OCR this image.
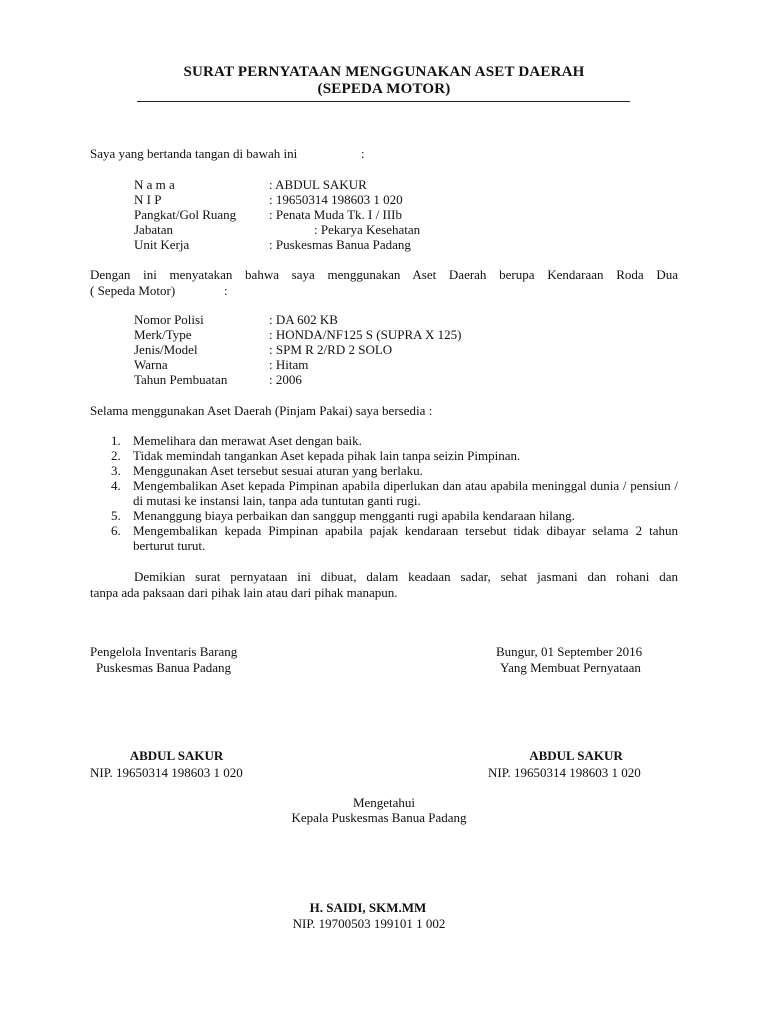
SURAT PERNYATAAN MENGGUNAKAN ASET DAERAH
(SEPEDA MOTOR)
Saya yang bertanda tangan di bawah ini	:
N a m a	: ABDUL SAKUR
N I P	: 19650314 198603 1 020
Pangkat/Gol Ruang	: Penata Muda Tk. I / IIIb
Jabatan	: Pekarya Kesehatan
Unit Kerja	: Puskesmas Banua Padang
Dengan ini menyatakan bahwa saya menggunakan Aset Daerah berupa Kendaraan Roda Dua
( Sepeda Motor)	:
Nomor Polisi	: DA 602 KB
Merk/Type	: HONDA/NF125 S (SUPRA X 125)
Jenis/Model	: SPM R 2/RD 2 SOLO
Warna	: Hitam
Tahun Pembuatan	: 2006
Selama menggunakan Aset Daerah (Pinjam Pakai) saya bersedia :
1. Memelihara dan merawat Aset dengan baik.
2. Tidak memindah tangankan Aset kepada pihak lain tanpa seizin Pimpinan.
3. Menggunakan Aset tersebut sesuai aturan yang berlaku.
4. Mengembalikan Aset kepada Pimpinan apabila diperlukan dan atau apabila meninggal dunia / pensiun / di mutasi ke instansi lain, tanpa ada tuntutan ganti rugi.
5. Menanggung biaya perbaikan dan sanggup mengganti rugi apabila kendaraan hilang.
6. Mengembalikan kepada Pimpinan apabila pajak kendaraan tersebut tidak dibayar selama 2 tahun berturut turut.
Demikian surat pernyataan ini dibuat, dalam keadaan sadar, sehat jasmani dan rohani dan
tanpa ada paksaan dari pihak lain atau dari pihak manapun.
Pengelola Inventaris Barang
Puskesmas Banua Padang
ABDUL SAKUR
NIP. 19650314 198603 1 020
Bungur, 01 September 2016
Yang Membuat Pernyataan
ABDUL SAKUR
NIP. 19650314 198603 1 020
Mengetahui
Kepala Puskesmas Banua Padang
H. SAIDI, SKM.MM
NIP. 19700503 199101 1 002
